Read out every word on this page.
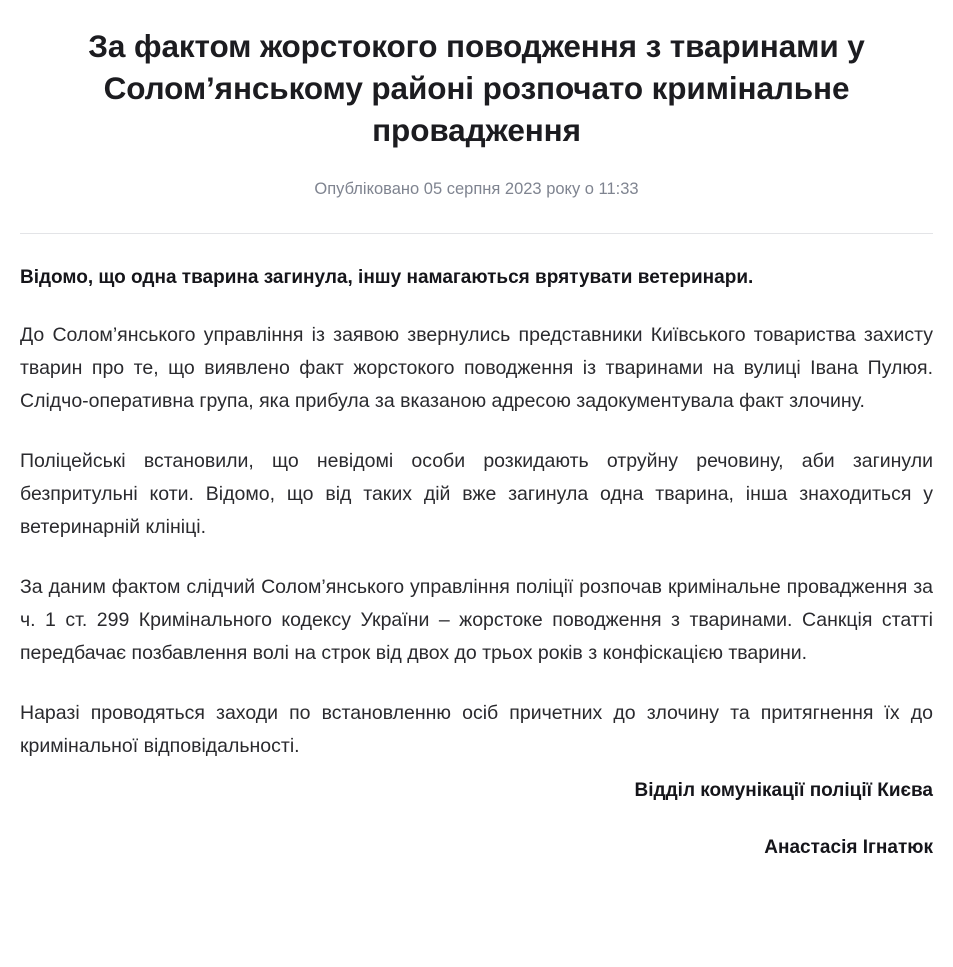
За фактом жорстокого поводження з тваринами у Солом’янському районі розпочато кримінальне провадження
Опубліковано 05 серпня 2023 року о 11:33

Відомо, що одна тварина загинула, іншу намагаються врятувати ветеринари.

До Солом’янського управління із заявою звернулись представники Київського товариства захисту тварин про те, що виявлено факт жорстокого поводження із тваринами на вулиці Івана Пулюя. Слідчо-оперативна група, яка прибула за вказаною адресою задокументувала факт злочину.

Поліцейські встановили, що невідомі особи розкидають отруйну речовину, аби загинули безпритульні коти. Відомо, що від таких дій вже загинула одна тварина, інша знаходиться у ветеринарній клініці.

За даним фактом слідчий Солом’янського управління поліції розпочав кримінальне провадження за ч. 1 ст. 299 Кримінального кодексу України – жорстоке поводження з тваринами. Санкція статті передбачає позбавлення волі на строк від двох до трьох років з конфіскацією тварини.

Наразі проводяться заходи по встановленню осіб причетних до злочину та притягнення їх до кримінальної відповідальності.

Відділ комунікації поліції Києва

Анастасія Ігнатюк
